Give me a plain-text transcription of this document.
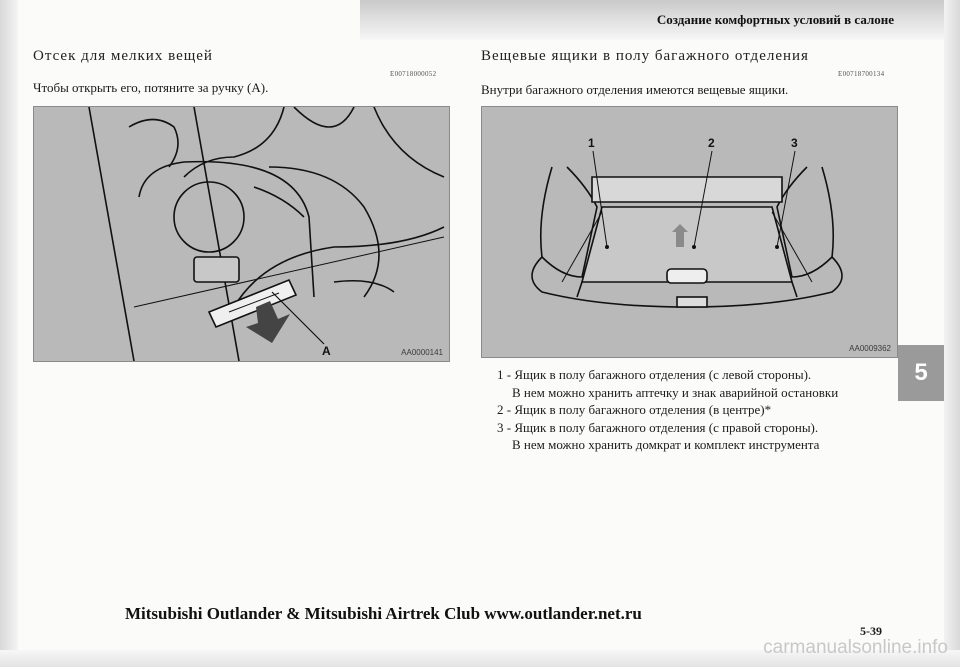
Создание комфортных условий в салоне
Отсек для мелких вещей
E00718000052
Чтобы открыть его, потяните за ручку (A).
A	AA0000141
Вещевые ящики в полу багажного отделения
E00718700134
Внутри багажного отделения имеются вещевые ящики.
1	2	3
AA0009362
1 - Ящик в полу багажного отделения (с левой стороны).
В нем можно хранить аптечку и знак аварийной остановки
2 - Ящик в полу багажного отделения (в центре)*
3 - Ящик в полу багажного отделения (с правой стороны).
В нем можно хранить домкрат и комплект инструмента
5
Mitsubishi Outlander & Mitsubishi Airtrek Club www.outlander.net.ru
5-39
carmanualsonline.info
